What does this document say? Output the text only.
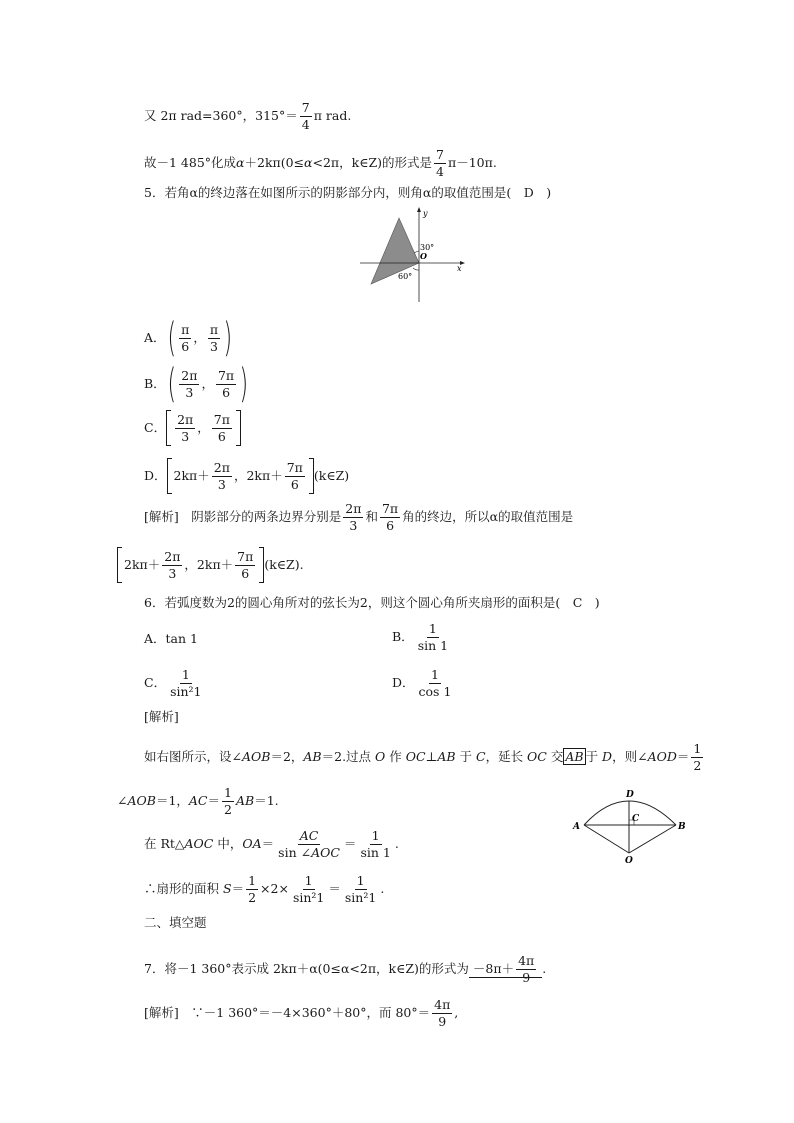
又 2π rad=360°，$315^\circ= \frac{7}{4}$ π rad.
故－1 485°化成α＋2kπ(0≤α<2π，k∈Z)的形式是 $\frac{7}{4} \pi-10\pi$.
5．若角α的终边落在如图所示的阴影部分内，则角α的取值范围是(　D　)
30°
O
60°
x
y
A．( $\frac{\pi}{6}$ ， $\frac{\pi}{3}$ )
B．( $\frac{2\pi}{3}$ ， $\frac{7\pi}{6}$ )
C． $\frac{2\pi}{3}$ ， $\frac{7\pi}{6}$
D． $2k\pi+ \frac{2\pi}{3}$ ，$2k\pi+ \frac{7\pi}{6}$ (k∈Z)
[解析]　阴影部分的两条边界分别是 $\frac{2\pi}{3}$ 和 $\frac{7\pi}{6}$ 角的终边，所以α的取值范围是
$2k\pi+ \frac{2\pi}{3}$ ，$2k\pi+ \frac{7\pi}{6}$ (k∈Z).
6．若弧度数为2的圆心角所对的弦长为2，则这个圆心角所夹扇形的面积是(　C　)
A．tan 1	B． $\frac{1}{\sin 1}$
C． $\frac{1}{\text{sin²1}}$	D． $\frac{1}{\cos 1}$
[解析]
如右图所示，设∠AOB＝2，AB＝2.过点 O 作 OC⊥AB 于 C，延长 OC 交 AB 于 D，则∠AOD＝ $\frac{1}{2}$
∠AOB＝1，$AC= \frac{1}{2} AB=1$.
在 Rt△AOC 中，$OA= \frac{AC}{\text{sin ∠AOC}} = \frac{1}{\sin 1}$ .
∴扇形的面积 $S= \frac{1}{2} \times 2\times \frac{1}{\text{sin²1}} = \frac{1}{\text{sin²1}}$ .
A	B
C
D
O
二、填空题
7．将－1 360°表示成 2kπ＋α(0≤α<2π，k∈Z)的形式为 $-8\pi+ \frac{4\pi}{9}$ .
[解析]　∵－1 360°＝－4×360°＋80°，而 $80^\circ= \frac{4\pi}{9}$ ,
